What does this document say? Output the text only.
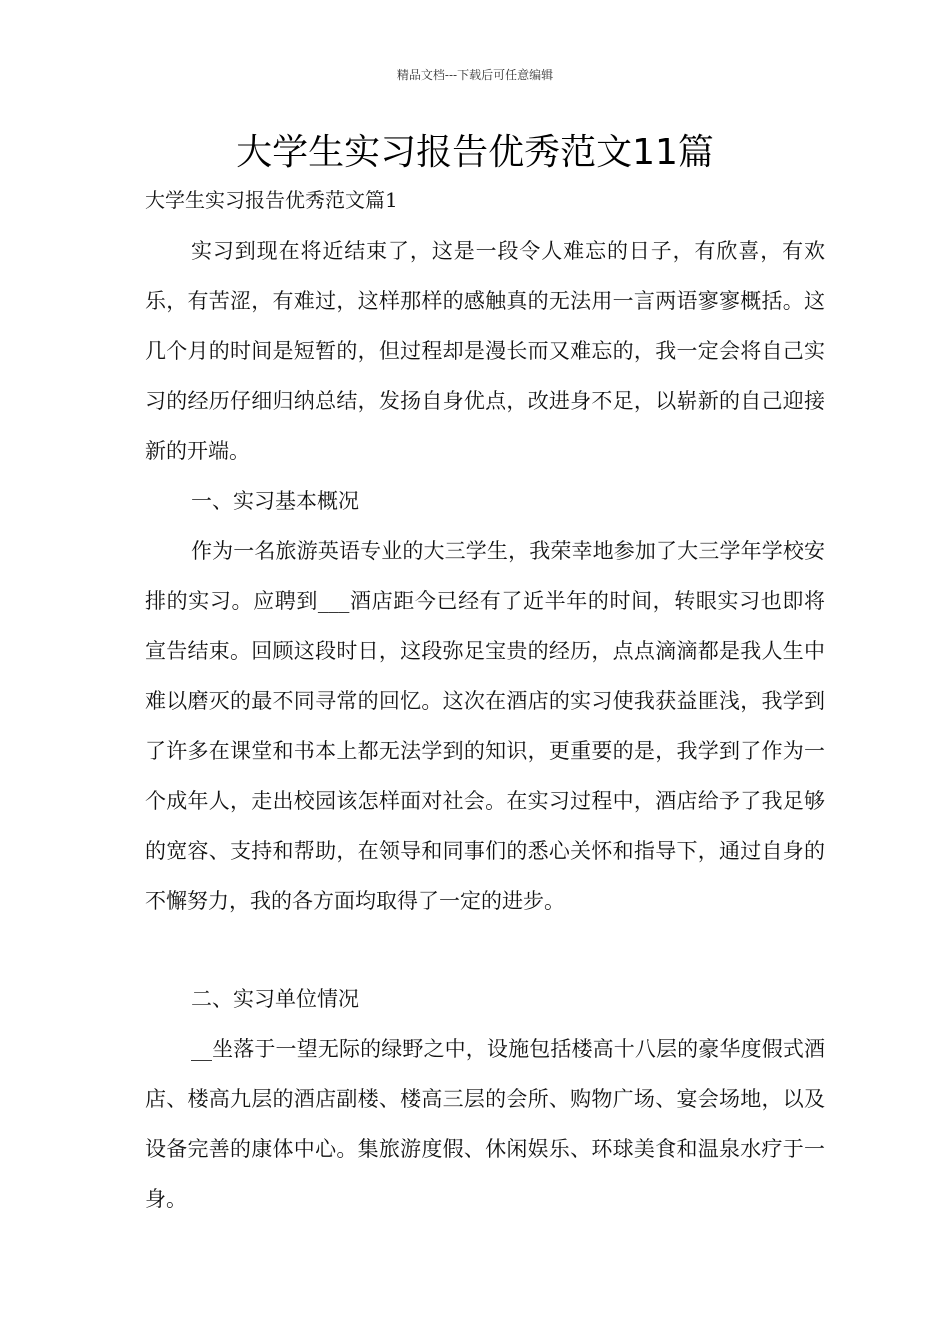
精品文档---下载后可任意编辑
大学生实习报告优秀范文11篇
大学生实习报告优秀范文篇1

实习到现在将近结束了，这是一段令人难忘的日子，有欣喜，有欢乐，有苦涩，有难过，这样那样的感触真的无法用一言两语寥寥概括。这几个月的时间是短暂的，但过程却是漫长而又难忘的，我一定会将自己实习的经历仔细归纳总结，发扬自身优点，改进身不足，以崭新的自己迎接新的开端。

一、实习基本概况

作为一名旅游英语专业的大三学生，我荣幸地参加了大三学年学校安排的实习。应聘到___酒店距今已经有了近半年的时间，转眼实习也即将宣告结束。回顾这段时日，这段弥足宝贵的经历，点点滴滴都是我人生中难以磨灭的最不同寻常的回忆。这次在酒店的实习使我获益匪浅，我学到了许多在课堂和书本上都无法学到的知识，更重要的是，我学到了作为一个成年人，走出校园该怎样面对社会。在实习过程中，酒店给予了我足够的宽容、支持和帮助，在领导和同事们的悉心关怀和指导下，通过自身的不懈努力，我的各方面均取得了一定的进步。

二、实习单位情况

__坐落于一望无际的绿野之中，设施包括楼高十八层的豪华度假式酒店、楼高九层的酒店副楼、楼高三层的会所、购物广场、宴会场地，以及设备完善的康体中心。集旅游度假、休闲娱乐、环球美食和温泉水疗于一身。
